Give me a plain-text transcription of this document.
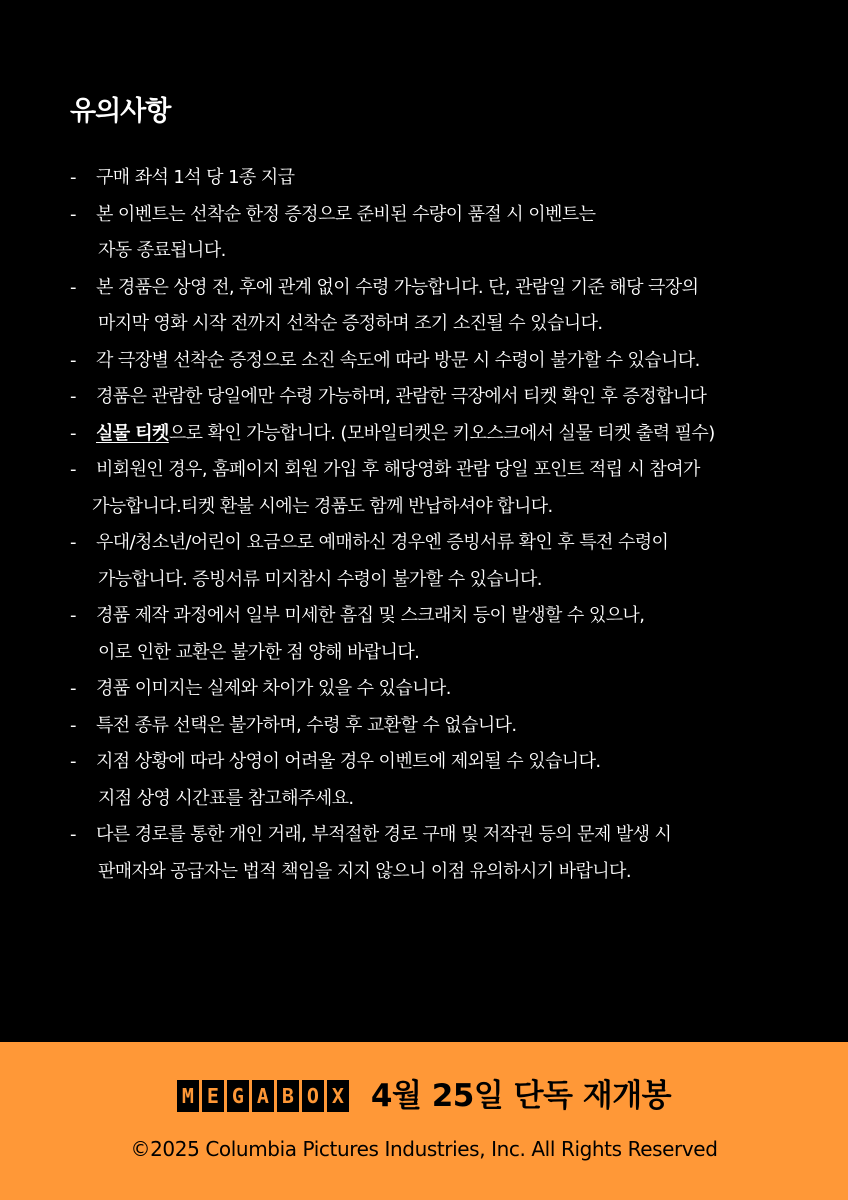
유의사항
- 구매 좌석 1석 당 1종 지급
- 본 이벤트는 선착순 한정 증정으로 준비된 수량이 품절 시 이벤트는
자동 종료됩니다.
- 본 경품은 상영 전, 후에 관계 없이 수령 가능합니다. 단, 관람일 기준 해당 극장의
마지막 영화 시작 전까지 선착순 증정하며 조기 소진될 수 있습니다.
- 각 극장별 선착순 증정으로 소진 속도에 따라 방문 시 수령이 불가할 수 있습니다.
- 경품은 관람한 당일에만 수령 가능하며, 관람한 극장에서 티켓 확인 후 증정합니다
- 실물 티켓으로 확인 가능합니다. (모바일티켓은 키오스크에서 실물 티켓 출력 필수)
- 비회원인 경우, 홈페이지 회원 가입 후 해당영화 관람 당일 포인트 적립 시 참여가
가능합니다.티켓 환불 시에는 경품도 함께 반납하셔야 합니다.
- 우대/청소년/어린이 요금으로 예매하신 경우엔 증빙서류 확인 후 특전 수령이
가능합니다. 증빙서류 미지참시 수령이 불가할 수 있습니다.
- 경품 제작 과정에서 일부 미세한 흠집 및 스크래치 등이 발생할 수 있으나,
이로 인한 교환은 불가한 점 양해 바랍니다.
- 경품 이미지는 실제와 차이가 있을 수 있습니다.
- 특전 종류 선택은 불가하며, 수령 후 교환할 수 없습니다.
- 지점 상황에 따라 상영이 어려울 경우 이벤트에 제외될 수 있습니다.
지점 상영 시간표를 참고해주세요.
- 다른 경로를 통한 개인 거래, 부적절한 경로 구매 및 저작권 등의 문제 발생 시
판매자와 공급자는 법적 책임을 지지 않으니 이점 유의하시기 바랍니다.
M E G A B O X 4월 25일 단독 재개봉
©2025 Columbia Pictures Industries, Inc. All Rights Reserved
